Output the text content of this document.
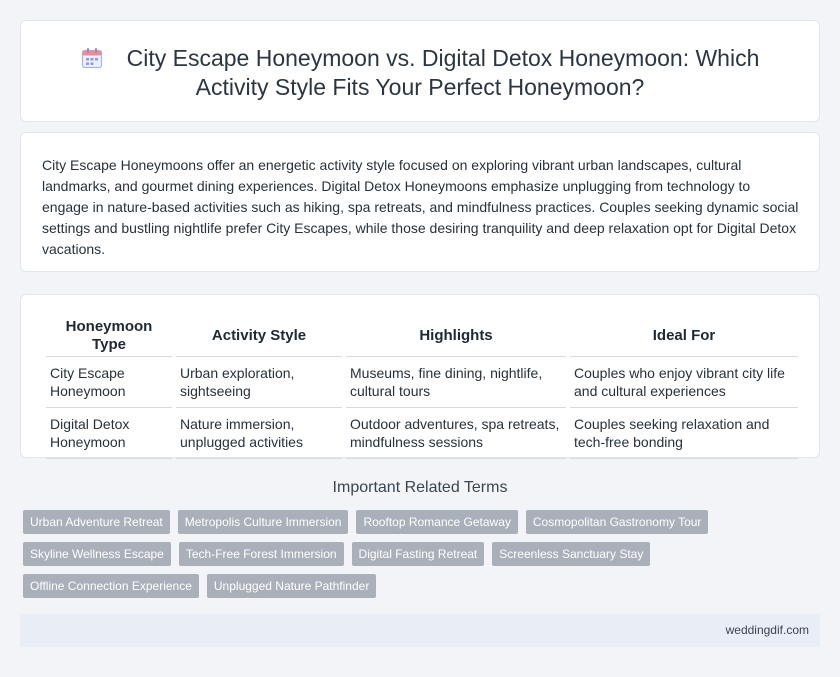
City Escape Honeymoon vs. Digital Detox Honeymoon: Which
Activity Style Fits Your Perfect Honeymoon?

City Escape Honeymoons offer an energetic activity style focused on exploring vibrant urban landscapes, cultural landmarks, and gourmet dining experiences. Digital Detox Honeymoons emphasize unplugging from technology to engage in nature-based activities such as hiking, spa retreats, and mindfulness practices. Couples seeking dynamic social settings and bustling nightlife prefer City Escapes, while those desiring tranquility and deep relaxation opt for Digital Detox vacations.

Honeymoon Type	Activity Style	Highlights	Ideal For
City Escape Honeymoon	Urban exploration, sightseeing	Museums, fine dining, nightlife, cultural tours	Couples who enjoy vibrant city life and cultural experiences
Digital Detox Honeymoon	Nature immersion, unplugged activities	Outdoor adventures, spa retreats, mindfulness sessions	Couples seeking relaxation and tech-free bonding
Important Related Terms
Urban Adventure Retreat	Metropolis Culture Immersion	Rooftop Romance Getaway	Cosmopolitan Gastronomy Tour
Skyline Wellness Escape	Tech-Free Forest Immersion	Digital Fasting Retreat	Screenless Sanctuary Stay
Offline Connection Experience	Unplugged Nature Pathfinder
weddingdif.com
